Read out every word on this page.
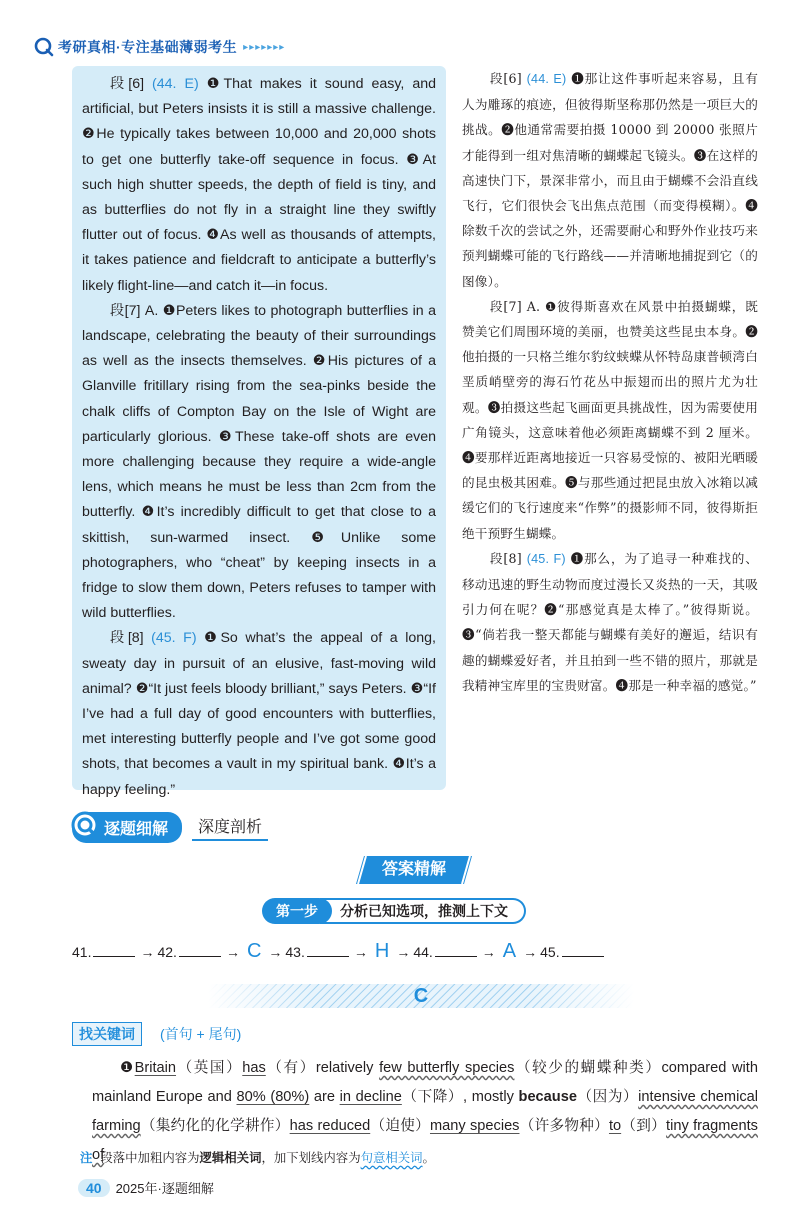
考研真相·专注基础薄弱考生 ▸▸▸▸▸▸▸

段[6] (44. E) ❶That makes it sound easy, and artificial, but Peters insists it is still a massive challenge. ❷He typically takes between 10,000 and 20,000 shots to get one butterfly take-off sequence in focus. ❸At such high shutter speeds, the depth of field is tiny, and as butterflies do not fly in a straight line they swiftly flutter out of focus. ❹As well as thousands of attempts, it takes patience and fieldcraft to anticipate a butterfly’s likely flight-line—and catch it—in focus.

段[7] A. ❶Peters likes to photograph butterflies in a landscape, celebrating the beauty of their surroundings as well as the insects themselves. ❷His pictures of a Glanville fritillary rising from the sea-pinks beside the chalk cliffs of Compton Bay on the Isle of Wight are particularly glorious. ❸These take-off shots are even more challenging because they require a wide-angle lens, which means he must be less than 2cm from the butterfly. ❹It’s incredibly difficult to get that close to a skittish, sun-warmed insect. ❺Unlike some photographers, who “cheat” by keeping insects in a fridge to slow them down, Peters refuses to tamper with wild butterflies.

段[8] (45. F) ❶So what’s the appeal of a long, sweaty day in pursuit of an elusive, fast-moving wild animal? ❷“It just feels bloody brilliant,” says Peters. ❸“If I’ve had a full day of good encounters with butterflies, met interesting butterfly people and I’ve got some good shots, that becomes a vault in my spiritual bank. ❹It’s a happy feeling.”

段[6] (44. E) ❶那让这件事听起来容易，且有人为雕琢的痕迹，但彼得斯坚称那仍然是一项巨大的挑战。❷他通常需要拍摄 10000 到 20000 张照片才能得到一组对焦清晰的蝴蝶起飞镜头。❸在这样的高速快门下，景深非常小，而且由于蝴蝶不会沿直线飞行，它们很快会飞出焦点范围（而变得模糊）。❹除数千次的尝试之外，还需要耐心和野外作业技巧来预判蝴蝶可能的飞行路线——并清晰地捕捉到它（的图像）。

段[7] A. ❶彼得斯喜欢在风景中拍摄蝴蝶，既赞美它们周围环境的美丽，也赞美这些昆虫本身。❷他拍摄的一只格兰维尔豹纹蛱蝶从怀特岛康普顿湾白垩质峭壁旁的海石竹花丛中振翅而出的照片尤为壮观。❸拍摄这些起飞画面更具挑战性，因为需要使用广角镜头，这意味着他必须距离蝴蝶不到 2 厘米。❹要那样近距离地接近一只容易受惊的、被阳光晒暖的昆虫极其困难。❺与那些通过把昆虫放入冰箱以减缓它们的飞行速度来“作弊”的摄影师不同，彼得斯拒绝干预野生蝴蝶。

段[8] (45. F) ❶那么，为了追寻一种难找的、移动迅速的野生动物而度过漫长又炎热的一天，其吸引力何在呢？❷“那感觉真是太棒了。”彼得斯说。❸“倘若我一整天都能与蝴蝶有美好的邂逅，结识有趣的蝴蝶爱好者，并且拍到一些不错的照片，那就是我精神宝库里的宝贵财富。❹那是一种幸福的感觉。”

逐题细解	深度剖析
答案精解
第一步	分析已知选项，推测上下文
41.	→ 42.	→ C → 43.	→ H → 44.	→ A → 45.
C
找关键词	(首句 + 尾句)

❶Britain（英国）has（有）relatively few butterfly species（较少的蝴蝶种类）compared with mainland Europe and 80% (80%) are in decline（下降）, mostly because（因为）intensive chemical farming（集约化的化学耕作）has reduced（迫使）many species（许多物种）to（到）tiny fragments of

注 段落中加粗内容为 逻辑相关词 ，加下划线内容为 句意相关词 。
40	2025年·逐题细解
